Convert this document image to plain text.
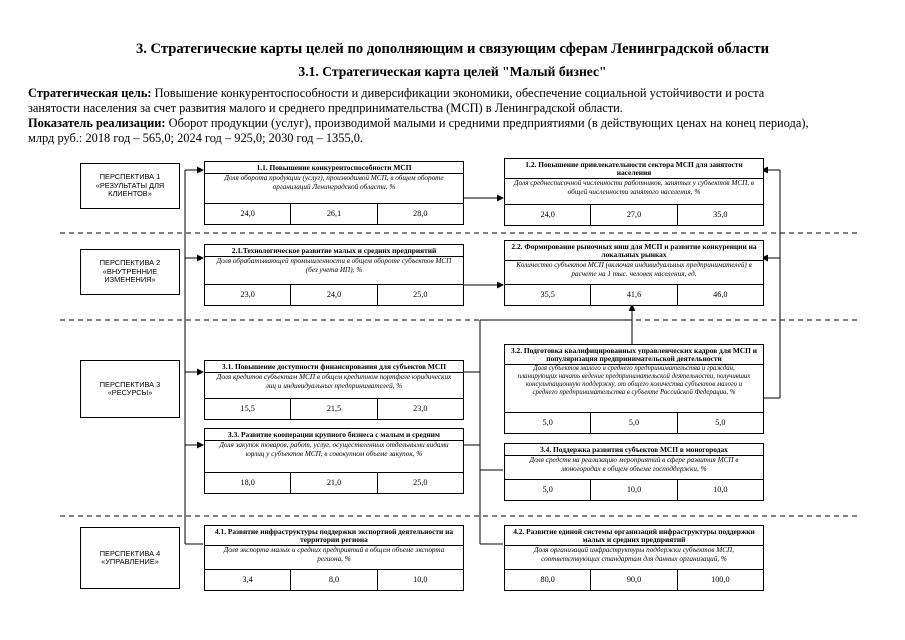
3. Стратегические карты целей по дополняющим и связующим сферам Ленинградской области
3.1. Стратегическая карта целей "Малый бизнес"
Стратегическая цель: Повышение конкурентоспособности и диверсификации экономики, обеспечение социальной устойчивости и роста
занятости населения за счет развития малого и среднего предпринимательства (МСП) в Ленинградской области.
Показатель реализации: Оборот продукции (услуг), производимой малыми и средними предприятиями (в действующих ценах на конец периода),
млрд руб.: 2018 год – 565,0; 2024 год – 925,0; 2030 год – 1355,0.
ПЕРСПЕКТИВА 1
«РЕЗУЛЬТАТЫ ДЛЯ
КЛИЕНТОВ»
ПЕРСПЕКТИВА 2
«ВНУТРЕННИЕ
ИЗМЕНЕНИЯ»
ПЕРСПЕКТИВА 3
«РЕСУРСЫ»
ПЕРСПЕКТИВА 4
«УПРАВЛЕНИЕ»
1.1. Повышение конкурентоспособности МСП
Доля оборота продукции (услуг), производимой МСП, в общем обороте организаций Ленинградской области, %
24,0	26,1	28,0
1.2. Повышение привлекательности сектора МСП для занятости населения
Доля среднесписочной численности работников, занятых у субъектов МСП, в общей численности занятого населения, %
24,0	27,0	35,0
2.1.Технологическое развитие малых и средних предприятий
Доля обрабатывающей промышленности в общем обороте субъектов МСП (без учета ИП), %
23,0	24,0	25,0
2.2. Формирование рыночных ниш для МСП и развитие конкуренции на локальных рынках
Количество субъектов МСП (включая индивидуальных предпринимателей) в расчете на 1 тыс. человек населения, ед.
35,5	41,6	46,0
3.1. Повышение доступности финансирования для субъектов МСП
Доля кредитов субъектам МСП в общем кредитном портфеле юридических лиц и индивидуальных предпринимателей, %
15,5	21,5	23,0
3.2. Подготовка квалифицированных управленческих кадров для МСП и популяризация предпринимательской деятельности
Доля субъектов малого и среднего предпринимательства и граждан, планирующих начать ведение предпринимательской деятельности, получивших консультационную поддержку, от общего количества субъектов малого и среднего предпринимательства в субъекте Российской Федерации, %
5,0	5,0	5,0
3.3. Развитие кооперации крупного бизнеса с малым и средним
Доля закупок товаров, работ, услуг, осуществленных отдельными видами юрлиц у субъектов МСП, в совокупном объеме закупок, %
18,0	21,0	25,0
3.4. Поддержка развития субъектов МСП в моногородах
Доля средств на реализацию мероприятий в сфере развития МСП в моногородах в общем объеме господдержки, %
5,0	10,0	10,0
4.1. Развитие инфраструктуры поддержки экспортной деятельности на территории региона
Доля экспорта малых и средних предприятий в общем объеме экспорта региона, %
3,4	8,0	10,0
4.2. Развитие единой системы организаций инфраструктуры поддержки малых и средних предприятий
Доля организаций инфраструктуры поддержки субъектов МСП, соответствующих стандартам для данных организаций, %
80,0	90,0	100,0
